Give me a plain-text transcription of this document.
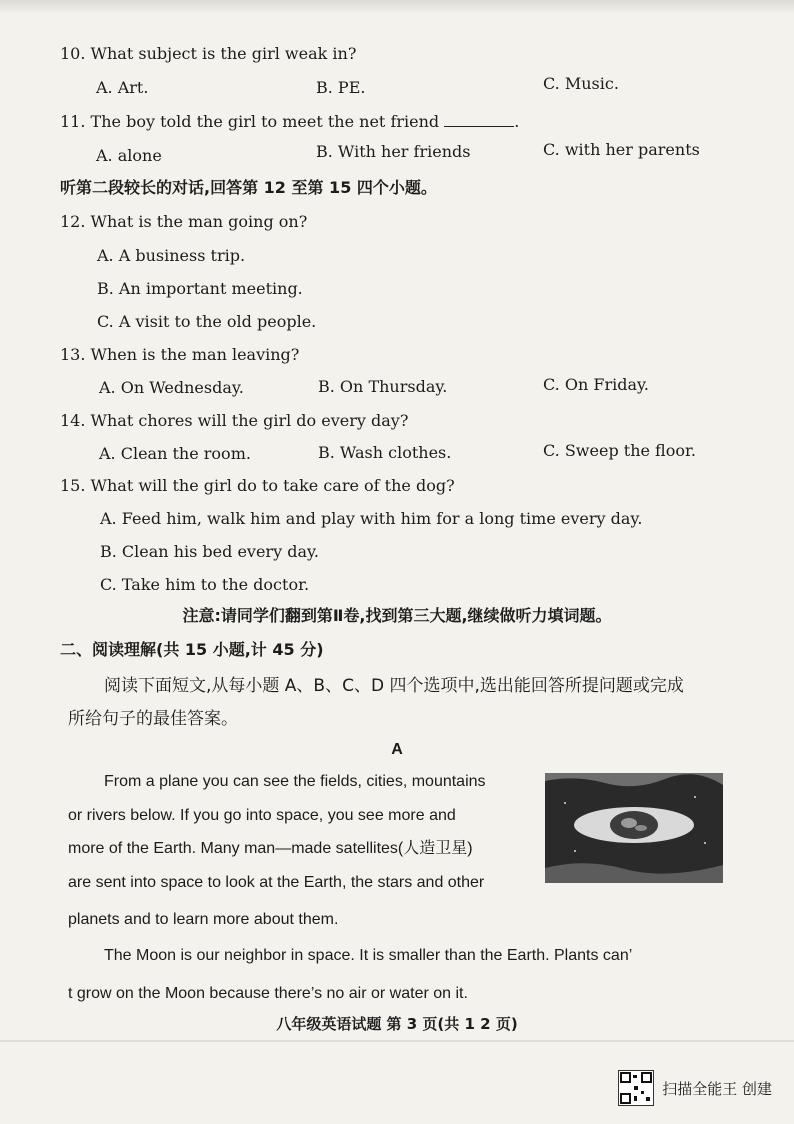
10. What subject is the girl weak in?
A. Art.	B. PE.	C. Music.
11. The boy told the girl to meet the net friend	.
A. alone	B. With her friends	C. with her parents
听第二段较长的对话,回答第 12 至第 15 四个小题。
12. What is the man going on?
A. A business trip.
B. An important meeting.
C. A visit to the old people.
13. When is the man leaving?
A. On Wednesday.	B. On Thursday.	C. On Friday.
14. What chores will the girl do every day?
A. Clean the room.	B. Wash clothes.	C. Sweep the floor.
15. What will the girl do to take care of the dog?
A. Feed him, walk him and play with him for a long time every day.
B. Clean his bed every day.
C. Take him to the doctor.
注意:请同学们翻到第Ⅱ卷,找到第三大题,继续做听力填词题。
二、阅读理解(共 15 小题,计 45 分)
阅读下面短文,从每小题 A、B、C、D 四个选项中,选出能回答所提问题或完成
所给句子的最佳答案。
A
From a plane you can see the fields, cities, mountains
or rivers below. If you go into space, you see more and
more of the Earth. Many man—made satellites(人造卫星)
are sent into space to look at the Earth, the stars and other
planets and to learn more about them.
The Moon is our neighbor in space. It is smaller than the Earth. Plants can’
t grow on the Moon because there’s no air or water on it.
八年级英语试题 第 3 页(共 1 2 页)
扫描全能王 创建
